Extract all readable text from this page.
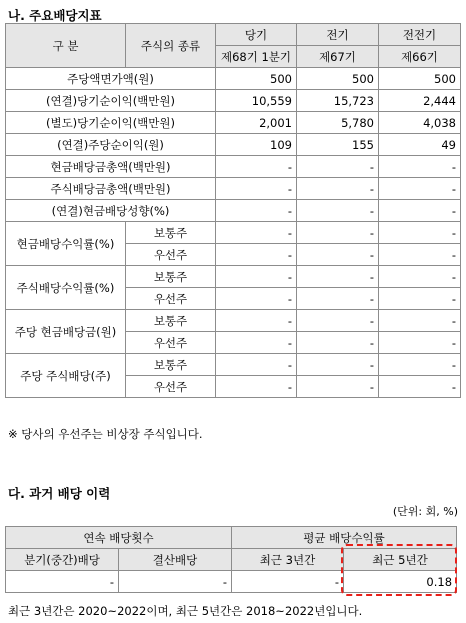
나. 주요배당지표
구 분	주식의 종류	당기	전기	전전기
		제68기 1분기	제67기	제66기
주당액면가액(원)		500	500	500
(연결)당기순이익(백만원)		10,559	15,723	2,444
(별도)당기순이익(백만원)		2,001	5,780	4,038
(연결)주당순이익(원)		109	155	49
현금배당금총액(백만원)		-	-	-
주식배당금총액(백만원)		-	-	-
(연결)현금배당성향(%)		-	-	-
현금배당수익률(%)	보통주	-	-	-
	우선주	-	-	-
주식배당수익률(%)	보통주	-	-	-
	우선주	-	-	-
주당 현금배당금(원)	보통주	-	-	-
	우선주	-	-	-
주당 주식배당(주)	보통주	-	-	-
	우선주	-	-	-
※ 당사의 우선주는 비상장 주식입니다.
다. 과거 배당 이력
(단위: 회, %)
연속 배당횟수		평균 배당수익률	
분기(중간)배당	결산배당	최근 3년간	최근 5년간
-	-	-	0.18
최근 3년간은 2020~2022이며, 최근 5년간은 2018~2022년입니다.
